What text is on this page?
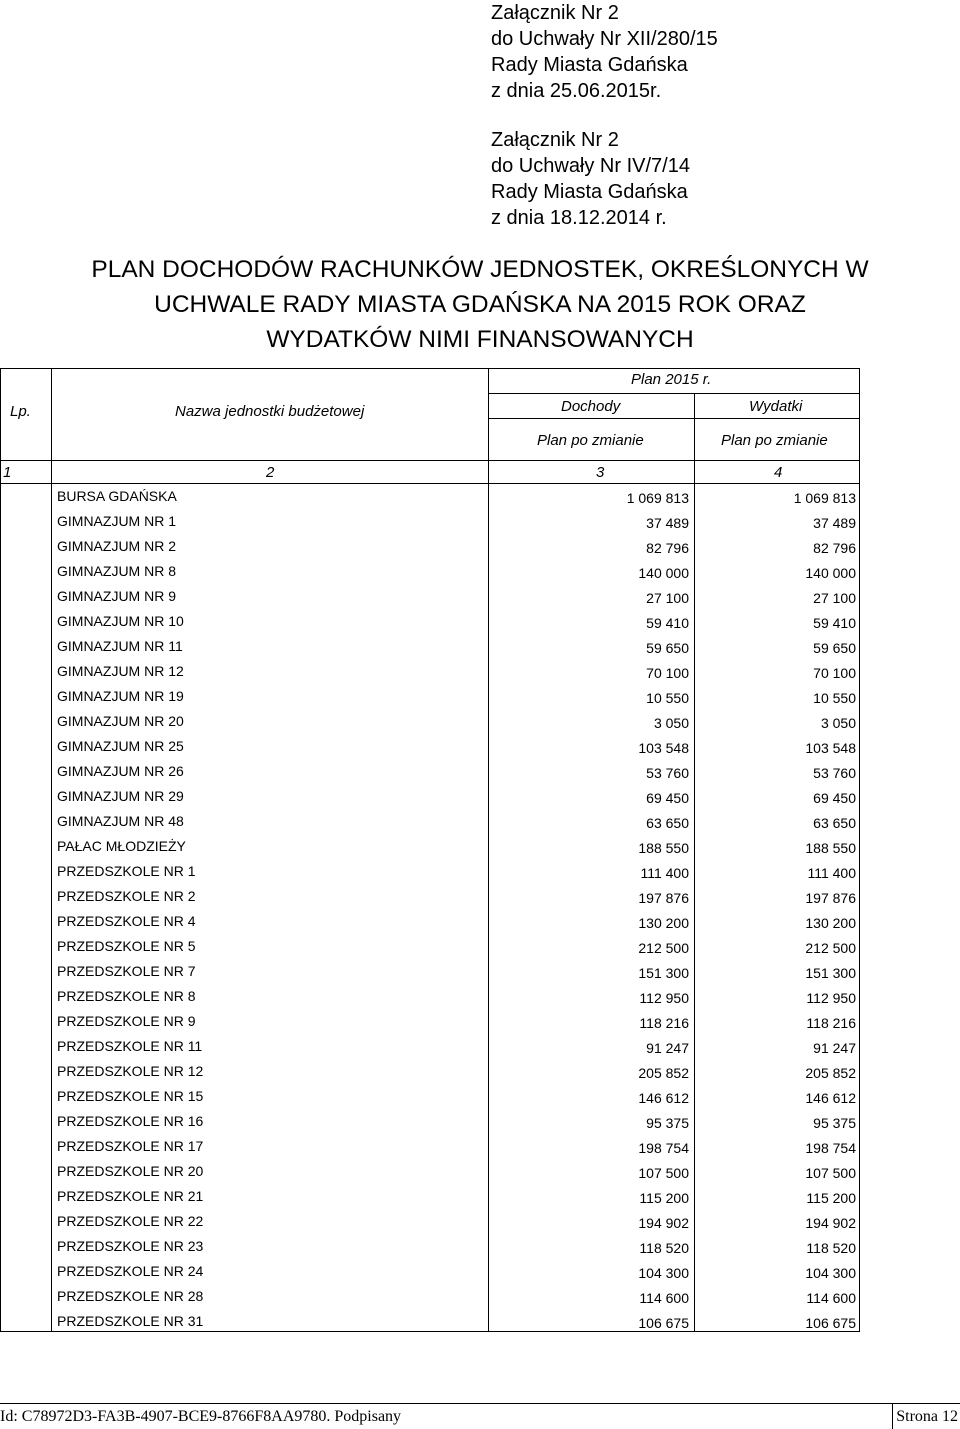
Załącznik Nr 2
do Uchwały Nr XII/280/15
Rady Miasta Gdańska
z dnia 25.06.2015r.
Załącznik Nr 2
do Uchwały Nr IV/7/14
Rady Miasta Gdańska
z dnia 18.12.2014 r.
PLAN DOCHODÓW RACHUNKÓW JEDNOSTEK, OKREŚLONYCH W
UCHWALE RADY MIASTA GDAŃSKA NA 2015 ROK ORAZ
WYDATKÓW NIMI FINANSOWANYCH
Lp.	Nazwa jednostki budżetowej
Plan 2015 r.
Dochody	Wydatki
Plan po zmianie	Plan po zmianie
1	2	3	4
BURSA GDAŃSKA	1 069 813	1 069 813
GIMNAZJUM NR 1	37 489	37 489
GIMNAZJUM NR 2	82 796	82 796
GIMNAZJUM NR 8	140 000	140 000
GIMNAZJUM NR 9	27 100	27 100
GIMNAZJUM NR 10	59 410	59 410
GIMNAZJUM NR 11	59 650	59 650
GIMNAZJUM NR 12	70 100	70 100
GIMNAZJUM NR 19	10 550	10 550
GIMNAZJUM NR 20	3 050	3 050
GIMNAZJUM NR 25	103 548	103 548
GIMNAZJUM NR 26	53 760	53 760
GIMNAZJUM NR 29	69 450	69 450
GIMNAZJUM NR 48	63 650	63 650
PAŁAC MŁODZIEŻY	188 550	188 550
PRZEDSZKOLE NR 1	111 400	111 400
PRZEDSZKOLE NR 2	197 876	197 876
PRZEDSZKOLE NR 4	130 200	130 200
PRZEDSZKOLE NR 5	212 500	212 500
PRZEDSZKOLE NR 7	151 300	151 300
PRZEDSZKOLE NR 8	112 950	112 950
PRZEDSZKOLE NR 9	118 216	118 216
PRZEDSZKOLE NR 11	91 247	91 247
PRZEDSZKOLE NR 12	205 852	205 852
PRZEDSZKOLE NR 15	146 612	146 612
PRZEDSZKOLE NR 16	95 375	95 375
PRZEDSZKOLE NR 17	198 754	198 754
PRZEDSZKOLE NR 20	107 500	107 500
PRZEDSZKOLE NR 21	115 200	115 200
PRZEDSZKOLE NR 22	194 902	194 902
PRZEDSZKOLE NR 23	118 520	118 520
PRZEDSZKOLE NR 24	104 300	104 300
PRZEDSZKOLE NR 28	114 600	114 600
PRZEDSZKOLE NR 31	106 675	106 675
Id: C78972D3-FA3B-4907-BCE9-8766F8AA9780. Podpisany	Strona 12
